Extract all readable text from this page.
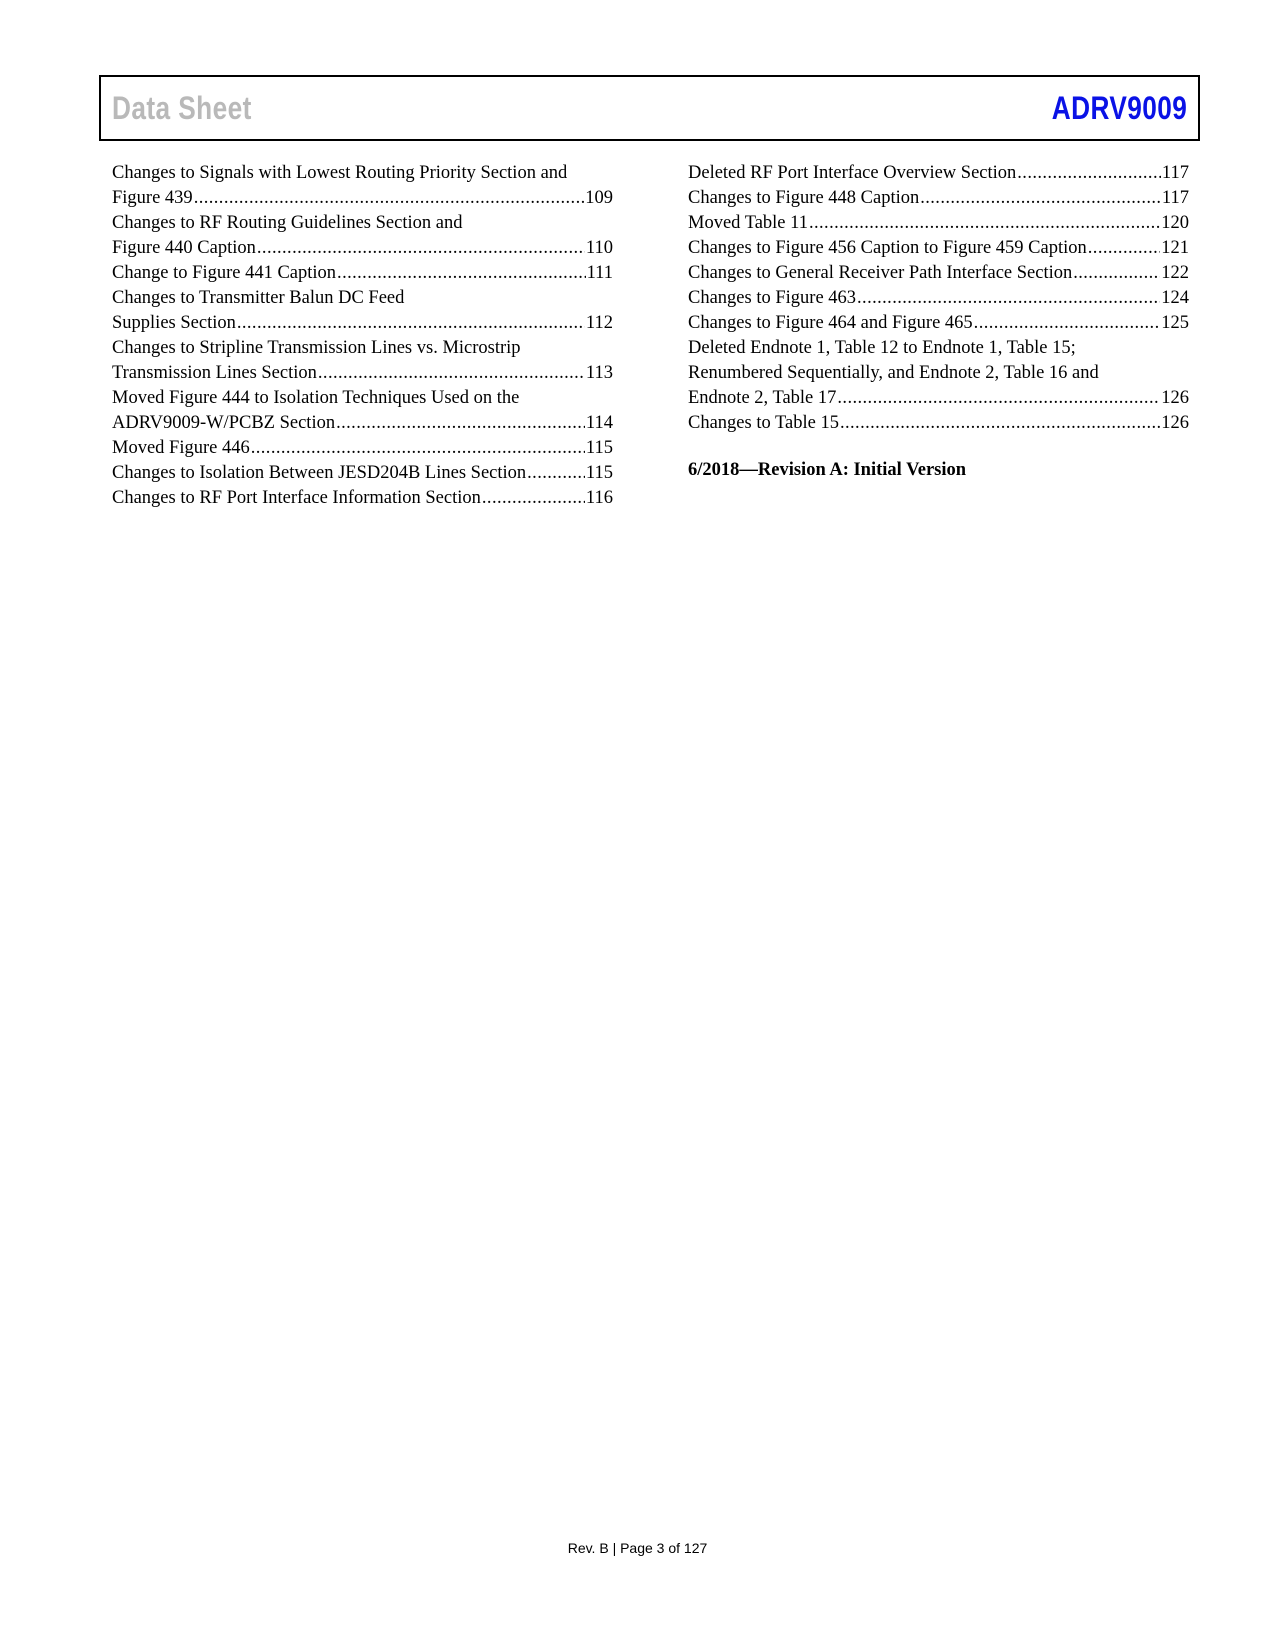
Data Sheet	ADRV9009
Changes to Signals with Lowest Routing Priority Section and
Figure 439 .....	109
Changes to RF Routing Guidelines Section and
Figure 440 Caption .....	110
Change to Figure 441 Caption .....	111
Changes to Transmitter Balun DC Feed
Supplies Section .....	112
Changes to Stripline Transmission Lines vs. Microstrip
Transmission Lines Section .....	113
Moved Figure 444 to Isolation Techniques Used on the
ADRV9009-W/PCBZ Section .....	114
Moved Figure 446 .....	115
Changes to Isolation Between JESD204B Lines Section .....	115
Changes to RF Port Interface Information Section .....	116
Deleted RF Port Interface Overview Section .....	117
Changes to Figure 448 Caption .....	117
Moved Table 11 .....	120
Changes to Figure 456 Caption to Figure 459 Caption .....	121
Changes to General Receiver Path Interface Section .....	122
Changes to Figure 463 .....	124
Changes to Figure 464 and Figure 465 .....	125
Deleted Endnote 1, Table 12 to Endnote 1, Table 15;
Renumbered Sequentially, and Endnote 2, Table 16 and
Endnote 2, Table 17 .....	126
Changes to Table 15 .....	126
6/2018—Revision A: Initial Version
Rev. B | Page 3 of 127
